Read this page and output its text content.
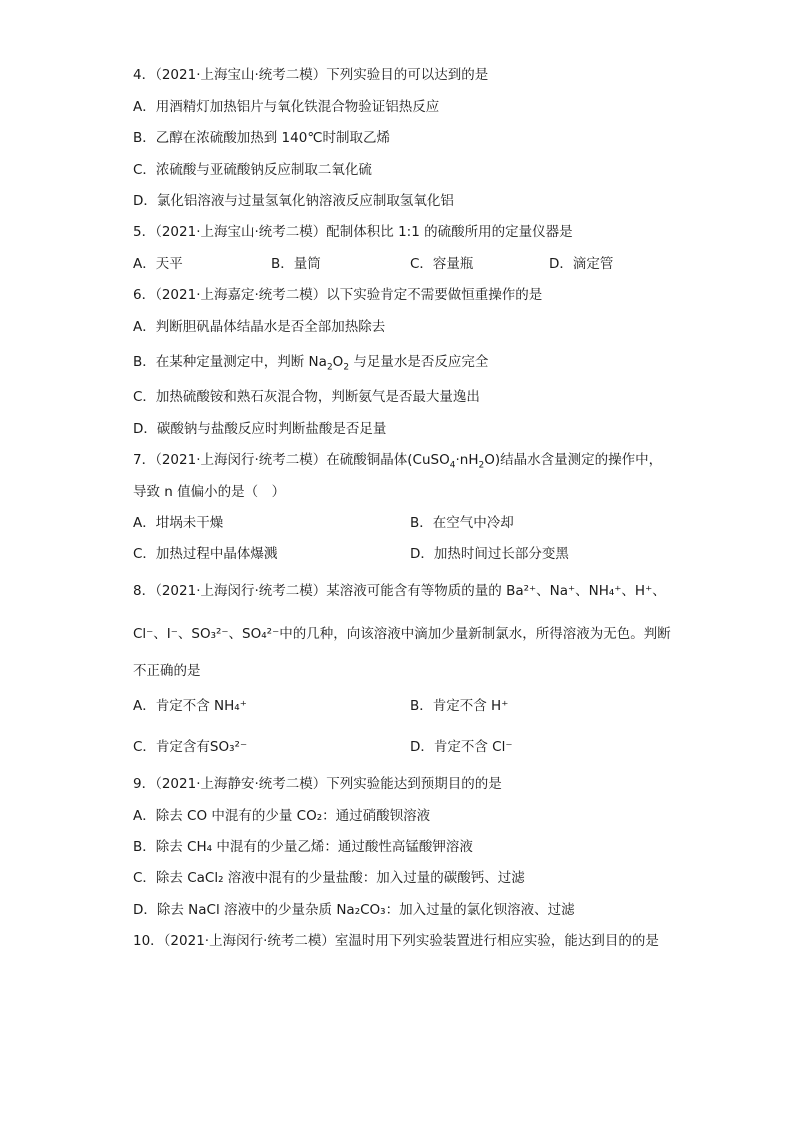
4．（2021·上海宝山·统考二模）下列实验目的可以达到的是
A．用酒精灯加热铝片与氧化铁混合物验证铝热反应
B．乙醇在浓硫酸加热到 140℃时制取乙烯
C．浓硫酸与亚硫酸钠反应制取二氧化硫
D．氯化铝溶液与过量氢氧化钠溶液反应制取氢氧化铝
5．（2021·上海宝山·统考二模）配制体积比 1:1 的硫酸所用的定量仪器是
A．天平	B．量筒	C．容量瓶	D．滴定管
6．（2021·上海嘉定·统考二模）以下实验肯定不需要做恒重操作的是
A．判断胆矾晶体结晶水是否全部加热除去
B．在某种定量测定中，判断 $Na_2O_2$ 与足量水是否反应完全
C．加热硫酸铵和熟石灰混合物，判断氨气是否最大量逸出
D．碳酸钠与盐酸反应时判断盐酸是否足量
7．（2021·上海闵行·统考二模）在硫酸铜晶体$(CuSO_4\cdot nH_2O)$结晶水含量测定的操作中，
导致 n 值偏小的是（　）
A．坩埚未干燥	B．在空气中冷却
C．加热过程中晶体爆溅	D．加热时间过长部分变黑
8．（2021·上海闵行·统考二模）某溶液可能含有等物质的量的 Ba²⁺、Na⁺、NH₄⁺、H⁺、
Cl⁻、I⁻、SO₃²⁻、SO₄²⁻中的几种，向该溶液中滴加少量新制氯水，所得溶液为无色。判断
不正确的是
A．肯定不含 NH₄⁺	B．肯定不含 H⁺
C．肯定含有SO₃²⁻	D．肯定不含 Cl⁻
9．（2021·上海静安·统考二模）下列实验能达到预期目的的是
A．除去 CO 中混有的少量 CO₂：通过硝酸钡溶液
B．除去 CH₄ 中混有的少量乙烯：通过酸性高锰酸钾溶液
C．除去 CaCl₂ 溶液中混有的少量盐酸：加入过量的碳酸钙、过滤
D．除去 NaCl 溶液中的少量杂质 Na₂CO₃：加入过量的氯化钡溶液、过滤
10．（2021·上海闵行·统考二模）室温时用下列实验装置进行相应实验，能达到目的的是
